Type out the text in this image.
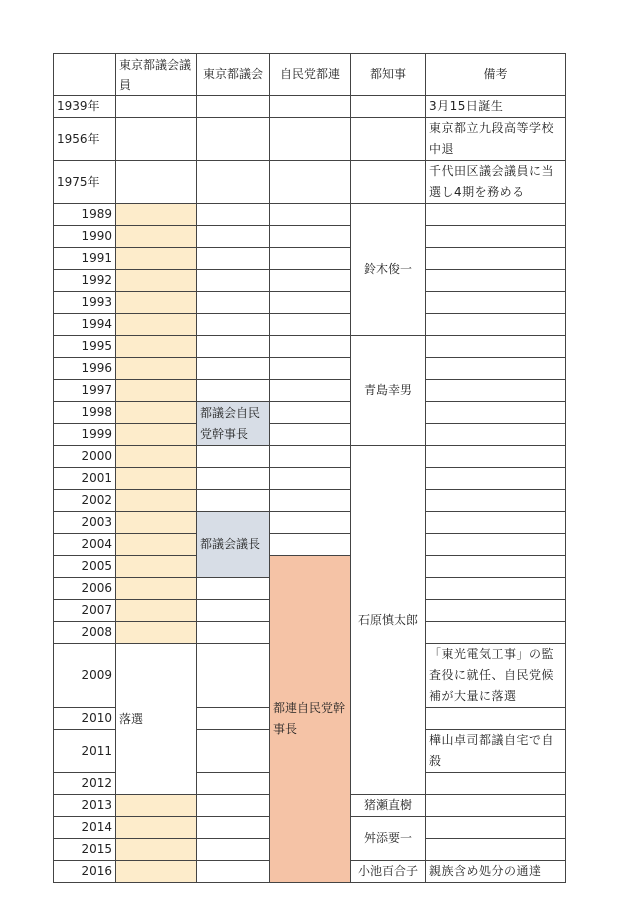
	東京都議会議員	東京都議会	自民党都連	都知事	備考
1939年					3月15日誕生
1956年					東京都立九段高等学校中退
1975年					千代田区議会議員に当選し4期を務める
1989				鈴木俊一	
1990					
1991					
1992					
1993					
1994					
1995				青島幸男	
1996					
1997					
1998		都議会自民党幹事長			
1999					
2000				石原慎太郎	
2001					
2002					
2003		都議会議長			
2004					
2005			都連自民党幹事長		
2006					
2007					
2008					
2009	落選				「東光電気工事」の監査役に就任、自民党候補が大量に落選
2010					
2011					樺山卓司都議自宅で自殺
2012					
2013				猪瀬直樹	
2014				舛添要一	
2015					
2016				小池百合子	親族含め処分の通達
